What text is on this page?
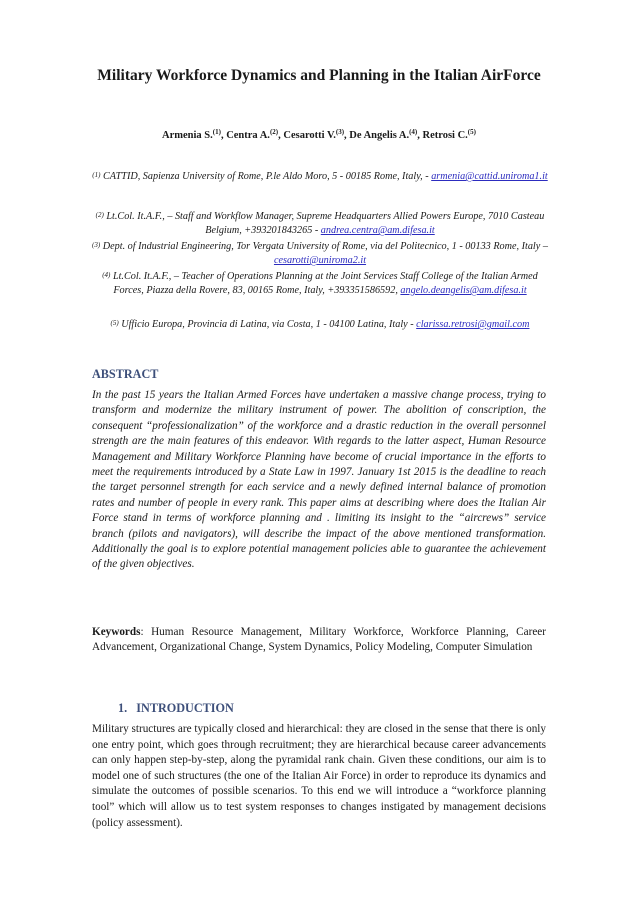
Military Workforce Dynamics and Planning in the Italian AirForce
Armenia S.$^{(1)}$, Centra A.$^{(2)}$, Cesarotti V.$^{(3)}$, De Angelis A.$^{(4)}$, Retrosi C.$^{(5)}$
$^{(1)}$ CATTID, Sapienza University of Rome, P.le Aldo Moro, 5 - 00185 Rome, Italy, - armenia@cattid.uniroma1.it
$^{(2)}$ Lt.Col. It.A.F., – Staff and Workflow Manager, Supreme Headquarters Allied Powers Europe, 7010 Casteau Belgium, +393201843265 - andrea.centra@am.difesa.it
$^{(3)}$ Dept. of Industrial Engineering, Tor Vergata University of Rome, via del Politecnico, 1 - 00133 Rome, Italy – cesarotti@uniroma2.it
$^{(4)}$ Lt.Col. It.A.F., – Teacher of Operations Planning at the Joint Services Staff College of the Italian Armed Forces, Piazza della Rovere, 83, 00165 Rome, Italy, +393351586592, angelo.deangelis@am.difesa.it
$^{(5)}$ Ufficio Europa, Provincia di Latina, via Costa, 1 - 04100 Latina, Italy - clarissa.retrosi@gmail.com
ABSTRACT
In the past 15 years the Italian Armed Forces have undertaken a massive change process, trying to transform and modernize the military instrument of power. The abolition of conscription, the consequent “professionalization” of the workforce and a drastic reduction in the overall personnel strength are the main features of this endeavor. With regards to the latter aspect, Human Resource Management and Military Workforce Planning have become of crucial importance in the efforts to meet the requirements introduced by a State Law in 1997. January 1st 2015 is the deadline to reach the target personnel strength for each service and a newly defined internal balance of promotion rates and number of people in every rank. This paper aims at describing where does the Italian Air Force stand in terms of workforce planning and . limiting its insight to the “aircrews” service branch (pilots and navigators), will describe the impact of the above mentioned transformation. Additionally the goal is to explore potential management policies able to guarantee the achievement of the given objectives.
Keywords: Human Resource Management, Military Workforce, Workforce Planning, Career Advancement, Organizational Change, System Dynamics, Policy Modeling, Computer Simulation
1.   INTRODUCTION
Military structures are typically closed and hierarchical: they are closed in the sense that there is only one entry point, which goes through recruitment; they are hierarchical because career advancements can only happen step-by-step, along the pyramidal rank chain. Given these conditions, our aim is to model one of such structures (the one of the Italian Air Force) in order to reproduce its dynamics and simulate the outcomes of possible scenarios. To this end we will introduce a “workforce planning tool” which will allow us to test system responses to changes instigated by management decisions (policy assessment).
